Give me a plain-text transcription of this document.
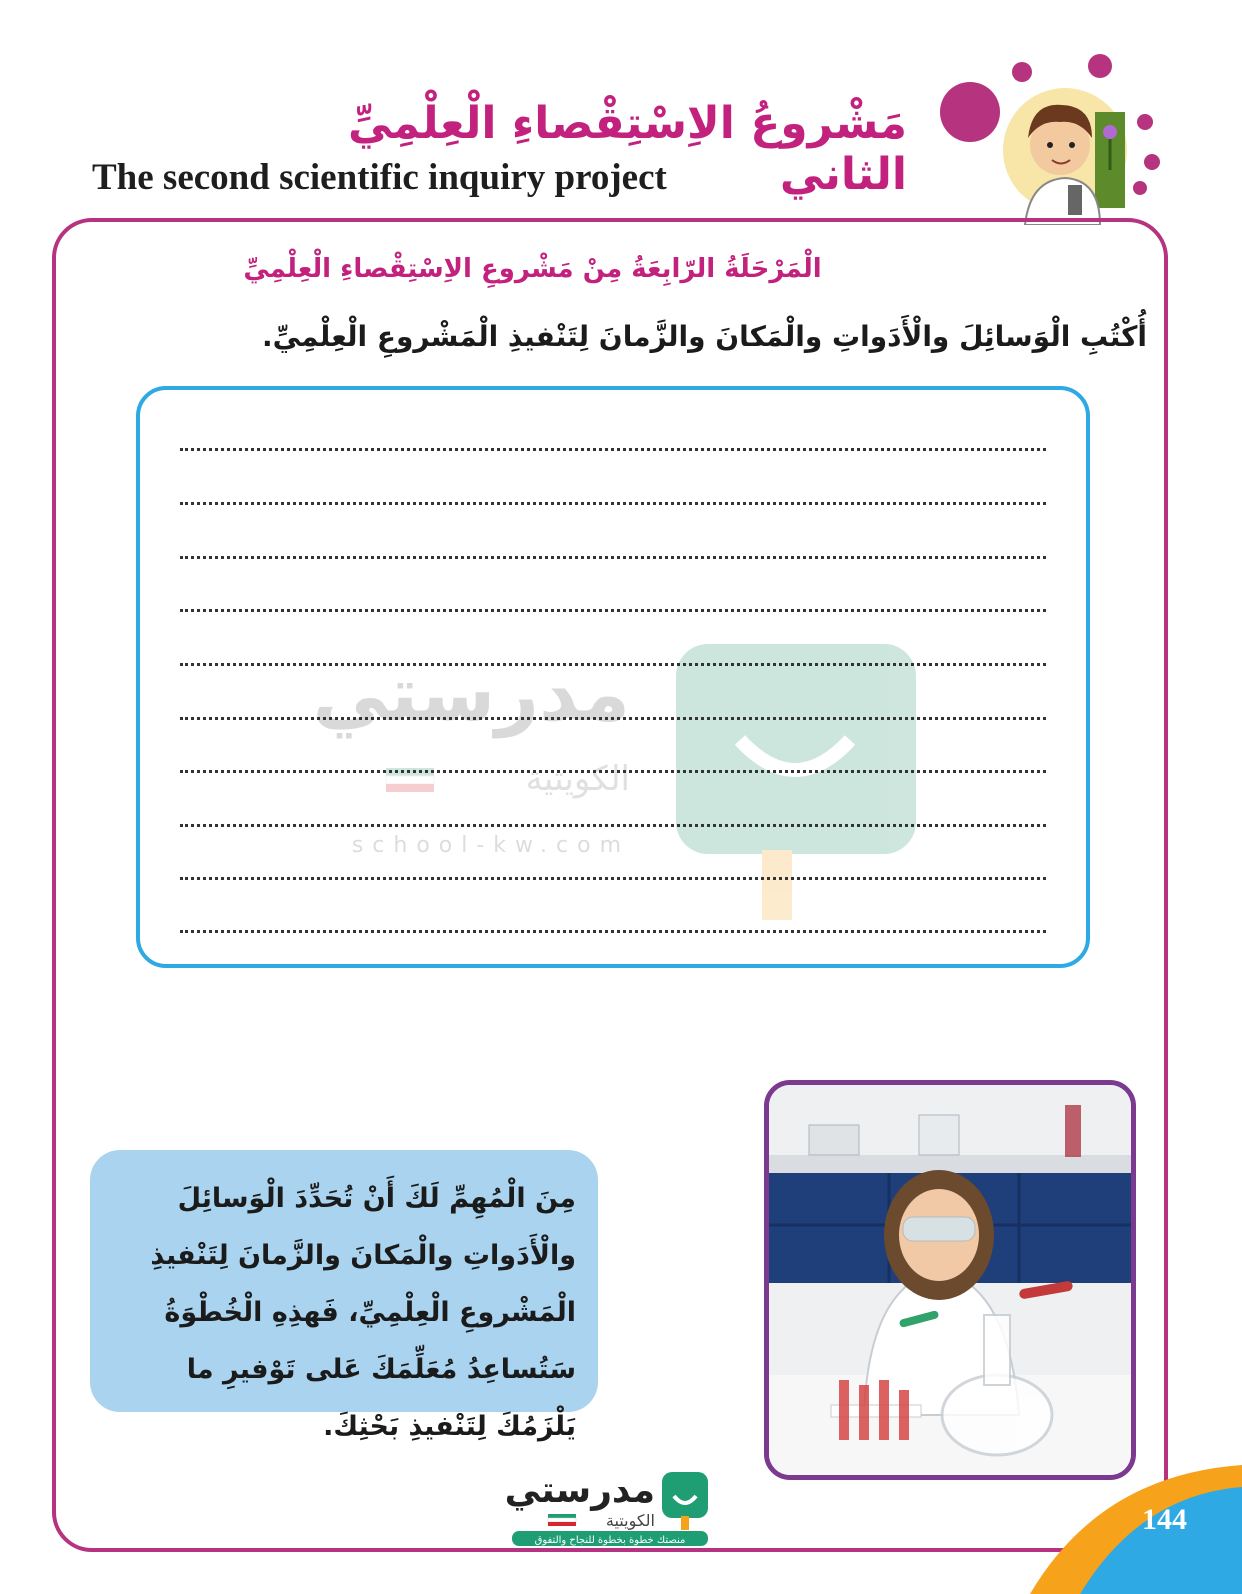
مَشْروعُ الاِسْتِقْصاءِ الْعِلْمِيِّ الثاني
The second scientific inquiry project
الْمَرْحَلَةُ الرّابِعَةُ مِنْ مَشْروعِ الاِسْتِقْصاءِ الْعِلْمِيِّ
أُكْتُبِ الْوَسائِلَ والْأَدَواتِ والْمَكانَ والزَّمانَ لِتَنْفيذِ الْمَشْروعِ الْعِلْمِيِّ.
مدرستي
الكويتية
school-kw.com
مِنَ الْمُهِمِّ لَكَ أَنْ تُحَدِّدَ الْوَسائِلَ والْأَدَواتِ والْمَكانَ والزَّمانَ لِتَنْفيذِ الْمَشْروعِ الْعِلْمِيِّ، فَهذِهِ الْخُطْوَةُ سَتُساعِدُ مُعَلِّمَكَ عَلى تَوْفيرِ ما يَلْزَمُكَ لِتَنْفيذِ بَحْثِكَ.
مدرستي
الكويتية
منصتك خطوة بخطوة للنجاح والتفوق
144
